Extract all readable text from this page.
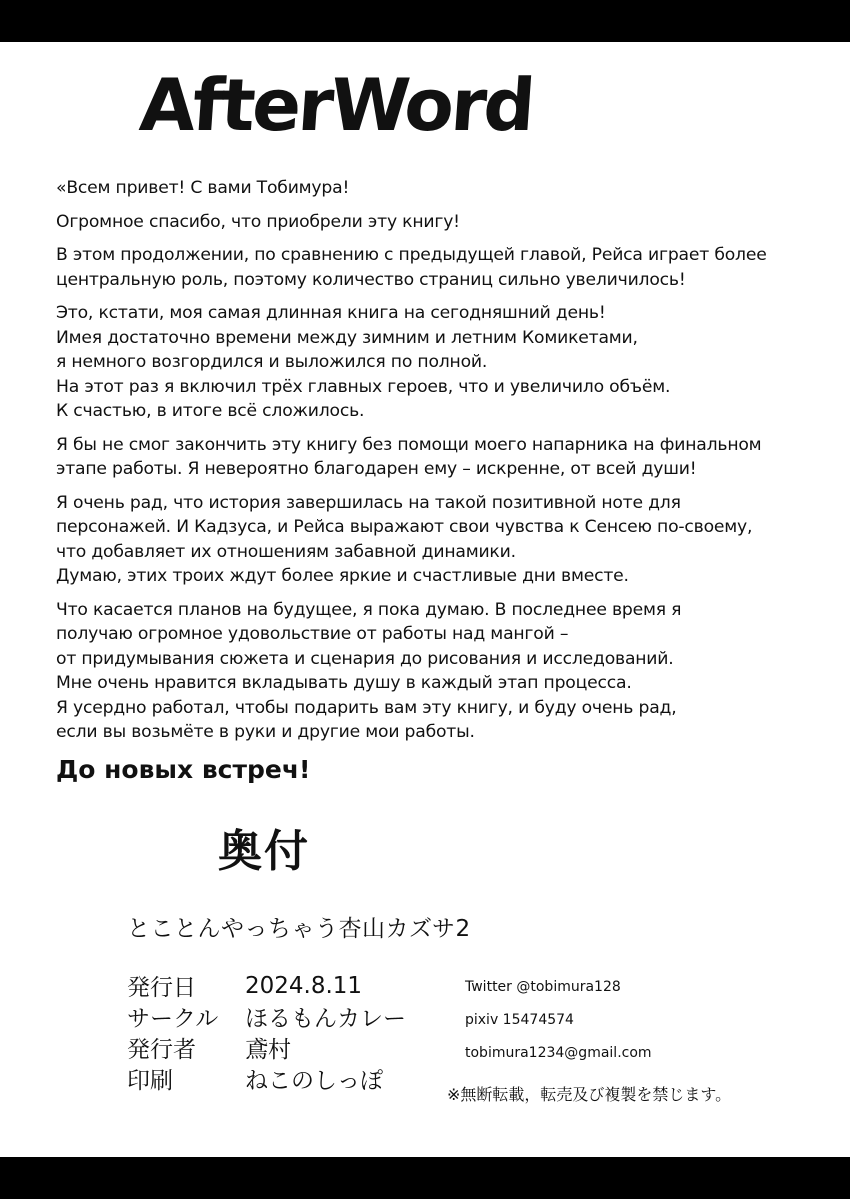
AfterWord
«Всем привет! С вами Тобимура!
Огромное спасибо, что приобрели эту книгу!
В этом продолжении, по сравнению с предыдущей главой, Рейса играет более
центральную роль, поэтому количество страниц сильно увеличилось!
Это, кстати, моя самая длинная книга на сегодняшний день!
Имея достаточно времени между зимним и летним Комикетами,
я немного возгордился и выложился по полной.
На этот раз я включил трёх главных героев, что и увеличило объём.
К счастью, в итоге всё сложилось.
Я бы не смог закончить эту книгу без помощи моего напарника на финальном
этапе работы. Я невероятно благодарен ему – искренне, от всей души!
Я очень рад, что история завершилась на такой позитивной ноте для
персонажей. И Кадзуса, и Рейса выражают свои чувства к Сенсею по-своему,
что добавляет их отношениям забавной динамики.
Думаю, этих троих ждут более яркие и счастливые дни вместе.
Что касается планов на будущее, я пока думаю. В последнее время я
получаю огромное удовольствие от работы над мангой –
от придумывания сюжета и сценария до рисования и исследований.
Мне очень нравится вкладывать душу в каждый этап процесса.
Я усердно работал, чтобы подарить вам эту книгу, и буду очень рад,
если вы возьмёте в руки и другие мои работы.
До новых встреч!
奥付
とことんやっちゃう杏山カズサ2
発行日	2024.8.11
サークル	ほるもんカレー
発行者	鳶村
印刷	ねこのしっぽ
Twitter @tobimura128
pixiv 15474574
tobimura1234@gmail.com
※無断転載，転売及び複製を禁じます。
